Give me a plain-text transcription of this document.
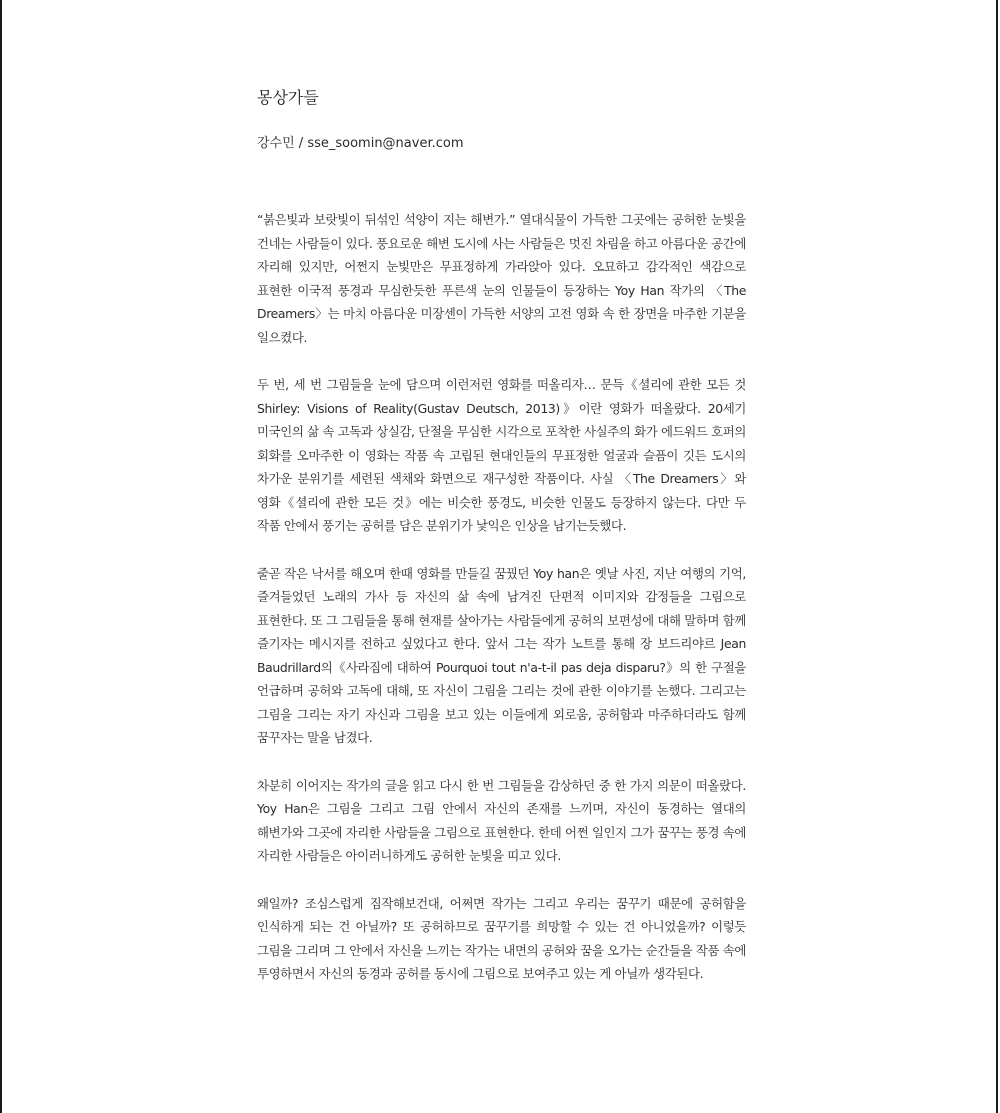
몽상가들

강수민 / sse_soomin@naver.com

“붉은빛과 보랏빛이 뒤섞인 석양이 지는 해변가.” 열대식물이 가득한 그곳에는 공허한 눈빛을 건네는 사람들이 있다. 풍요로운 해변 도시에 사는 사람들은 멋진 차림을 하고 아름다운 공간에 자리해 있지만, 어쩐지 눈빛만은 무표정하게 가라앉아 있다. 오묘하고 감각적인 색감으로 표현한 이국적 풍경과 무심한듯한 푸른색 눈의 인물들이 등장하는 Yoy Han 작가의 〈The Dreamers〉는 마치 아름다운 미장센이 가득한 서양의 고전 영화 속 한 장면을 마주한 기분을 일으켰다.

두 번, 세 번 그림들을 눈에 담으며 이런저런 영화를 떠올리자… 문득《셜리에 관한 모든 것 Shirley: Visions of Reality(Gustav Deutsch, 2013)》이란 영화가 떠올랐다. 20세기 미국인의 삶 속 고독과 상실감, 단절을 무심한 시각으로 포착한 사실주의 화가 에드워드 호퍼의 회화를 오마주한 이 영화는 작품 속 고립된 현대인들의 무표정한 얼굴과 슬픔이 깃든 도시의 차가운 분위기를 세련된 색채와 화면으로 재구성한 작품이다. 사실 〈The Dreamers〉와 영화《셜리에 관한 모든 것》에는 비슷한 풍경도, 비슷한 인물도 등장하지 않는다. 다만 두 작품 안에서 풍기는 공허를 담은 분위기가 낯익은 인상을 남기는듯했다.

줄곧 작은 낙서를 해오며 한때 영화를 만들길 꿈꿨던 Yoy han은 옛날 사진, 지난 여행의 기억, 즐겨들었던 노래의 가사 등 자신의 삶 속에 남겨진 단편적 이미지와 감정들을 그림으로 표현한다. 또 그 그림들을 통해 현재를 살아가는 사람들에게 공허의 보편성에 대해 말하며 함께 즐기자는 메시지를 전하고 싶었다고 한다. 앞서 그는 작가 노트를 통해 장 보드리야르 Jean Baudrillard의《사라짐에 대하여 Pourquoi tout n'a-t-il pas deja disparu?》의 한 구절을 언급하며 공허와 고독에 대해, 또 자신이 그림을 그리는 것에 관한 이야기를 논했다. 그리고는 그림을 그리는 자기 자신과 그림을 보고 있는 이들에게 외로움, 공허함과 마주하더라도 함께 꿈꾸자는 말을 남겼다.

차분히 이어지는 작가의 글을 읽고 다시 한 번 그림들을 감상하던 중 한 가지 의문이 떠올랐다. Yoy Han은 그림을 그리고 그림 안에서 자신의 존재를 느끼며, 자신이 동경하는 열대의 해변가와 그곳에 자리한 사람들을 그림으로 표현한다. 한데 어쩐 일인지 그가 꿈꾸는 풍경 속에 자리한 사람들은 아이러니하게도 공허한 눈빛을 띠고 있다.

왜일까? 조심스럽게 짐작해보건대, 어쩌면 작가는 그리고 우리는 꿈꾸기 때문에 공허함을 인식하게 되는 건 아닐까? 또 공허하므로 꿈꾸기를 희망할 수 있는 건 아니었을까? 이렇듯 그림을 그리며 그 안에서 자신을 느끼는 작가는 내면의 공허와 꿈을 오가는 순간들을 작품 속에 투영하면서 자신의 동경과 공허를 동시에 그림으로 보여주고 있는 게 아닐까 생각된다.
